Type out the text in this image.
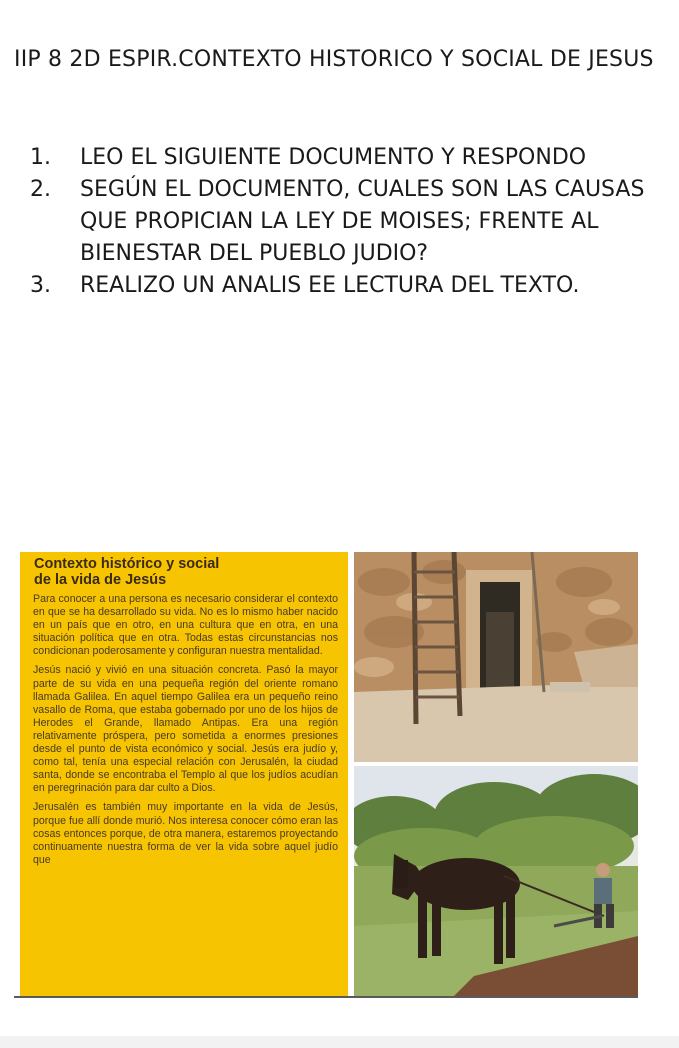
IIP 8 2D ESPIR.CONTEXTO HISTORICO Y SOCIAL DE JESUS
1.	LEO EL SIGUIENTE DOCUMENTO Y RESPONDO
2.	SEGÚN EL DOCUMENTO, CUALES SON LAS CAUSAS QUE PROPICIAN LA LEY DE MOISES; FRENTE AL BIENESTAR DEL PUEBLO JUDIO?
3.	REALIZO UN ANALIS EE LECTURA DEL TEXTO.
Contexto histórico y social
de la vida de Jesús

Para conocer a una persona es necesario considerar el contexto en que se ha desarrollado su vida. No es lo mismo haber nacido en un país que en otro, en una cultura que en otra, en una situación política que en otra. Todas estas circunstancias nos condicionan poderosamente y configuran nuestra mentalidad.

Jesús nació y vivió en una situación concreta. Pasó la mayor parte de su vida en una pequeña región del oriente romano llamada Galilea. En aquel tiempo Galilea era un pequeño reino vasallo de Roma, que estaba gobernado por uno de los hijos de Herodes el Grande, llamado Antipas. Era una región relativamente próspera, pero sometida a enormes presiones desde el punto de vista económico y social. Jesús era judío y, como tal, tenía una especial relación con Jerusalén, la ciudad santa, donde se encontraba el Templo al que los judíos acudían en peregrinación para dar culto a Dios.

Jerusalén es también muy importante en la vida de Jesús, porque fue allí donde murió. Nos interesa conocer cómo eran las cosas entonces porque, de otra manera, estaremos proyectando continuamente nuestra forma de ver la vida sobre aquel judío que
